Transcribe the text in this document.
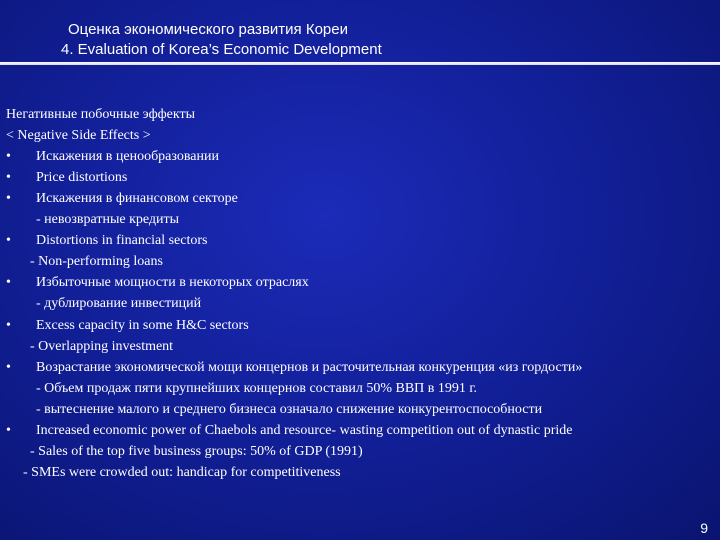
Оценка экономического развития Кореи
4. Evaluation of Korea’s Economic Development
Негативные побочные эффекты
< Negative Side Effects >
• Искажения в ценообразовании
• Price distortions
• Искажения в финансовом секторе
- невозвратные кредиты
• Distortions in financial sectors
- Non-performing loans
• Избыточные мощности в некоторых отраслях
- дублирование инвестиций
• Excess capacity in some H&C sectors
- Overlapping investment
• Возрастание экономической мощи концернов и расточительная конкуренция «из гордости»
- Объем продаж пяти крупнейших концернов составил 50% ВВП в 1991 г.
- вытеснение малого и среднего бизнеса означало снижение конкурентоспособности
• Increased economic power of Chaebols and resource- wasting competition out of dynastic pride
- Sales of the top five business groups: 50% of GDP (1991)
- SMEs were crowded out: handicap for competitiveness
9
